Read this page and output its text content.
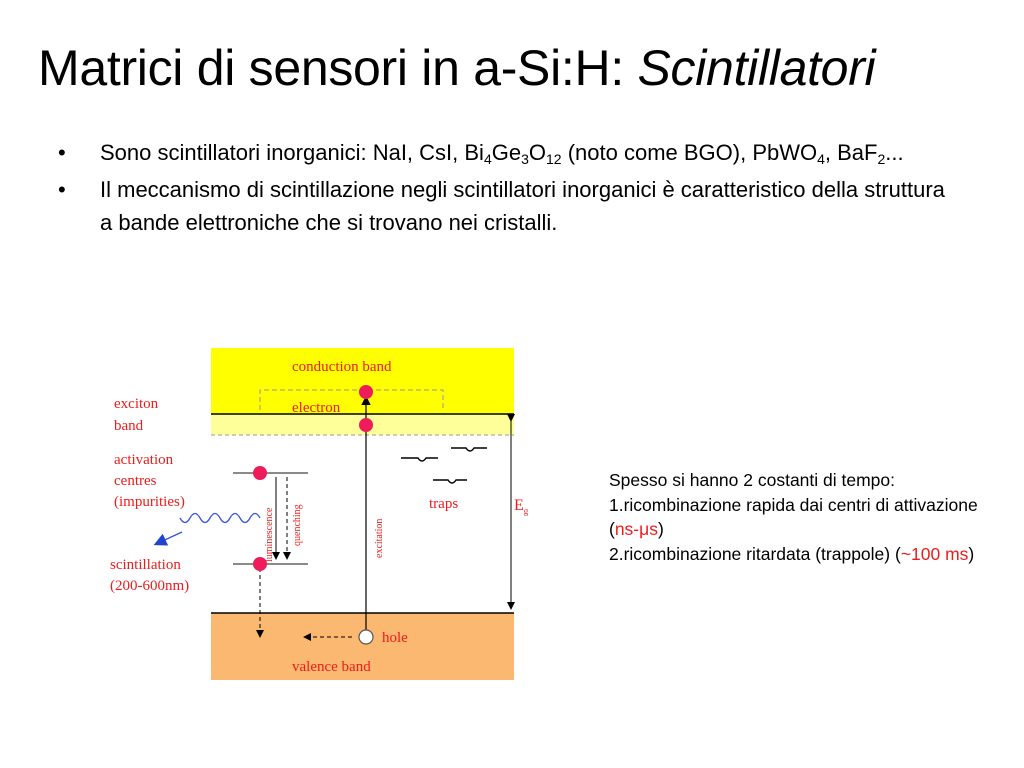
Matrici di sensori in a-Si:H: Scintillatori
• Sono scintillatori inorganici: NaI, CsI, $Bi_4Ge_3O_{12}$ (noto come BGO), PbWO$_4$, BaF$_2$...
• Il meccanismo di scintillazione negli scintillatori inorganici è caratteristico della struttura a bande elettroniche che si trovano nei cristalli.
conduction band
electron
exciton
band
activation
centres
(impurities)
scintillation
(200-600nm)
luminescence quenching	excitation
traps	$E_g$
hole
valence band
Spesso si hanno 2 costanti di tempo:
1.ricombinazione rapida dai centri di attivazione (ns-μs)
2.ricombinazione ritardata (trappole) (~100 ms)
